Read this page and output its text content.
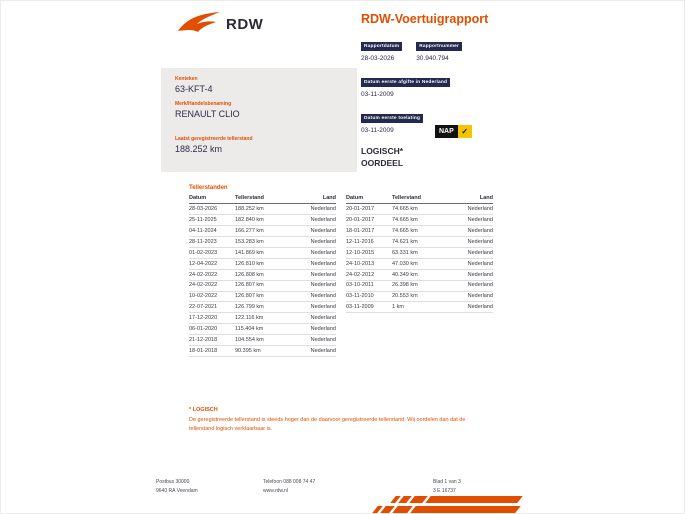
RDW	RDW-Voertuigrapport
Rapportdatum
28-03-2026
Rapportnummer
30.940.794
Kenteken
63-KFT-4
Merk/Handelsbenaming
RENAULT CLIO
Laatst geregistreerde tellerstand
188.252 km
Datum eerste afgifte in Nederland
03-11-2009
Datum eerste toelating
03-11-2009
LOGISCH*
OORDEEL
NAP ✓
Tellerstanden
Datum	Tellerstand	Land
28-03-2026	188.252 km	Nederland
25-11-2025	182.840 km	Nederland
04-11-2024	166.277 km	Nederland
28-11-2023	153.283 km	Nederland
01-02-2023	141.869 km	Nederland
12-04-2022	126.810 km	Nederland
24-02-2022	126.808 km	Nederland
24-02-2022	126.807 km	Nederland
10-02-2022	126.807 km	Nederland
22-07-2021	126.799 km	Nederland
17-12-2020	122.116 km	Nederland
06-01-2020	115.404 km	Nederland
21-12-2018	104.554 km	Nederland
18-01-2018	90.395 km	Nederland
Datum	Tellerstand	Land
20-01-2017	74.665 km	Nederland
20-01-2017	74.665 km	Nederland
18-01-2017	74.665 km	Nederland
12-11-2016	74.621 km	Nederland
12-10-2015	63.331 km	Nederland
24-10-2013	47.030 km	Nederland
24-02-2012	40.349 km	Nederland
03-10-2011	26.398 km	Nederland
03-11-2010	20.553 km	Nederland
03-11-2009	1 km	Nederland
* LOGISCH
De geregistreerde tellerstand is steeds hoger dan de daarvoor geregistreerde tellerstand. Wij oordelen dan dat de tellerstand logisch verklaarbaar is.
Postbus 30000
9640 RA Veendam
Telefoon 088 008 74 47
www.rdw.nl
Blad 1 van 3
3 E 16737
